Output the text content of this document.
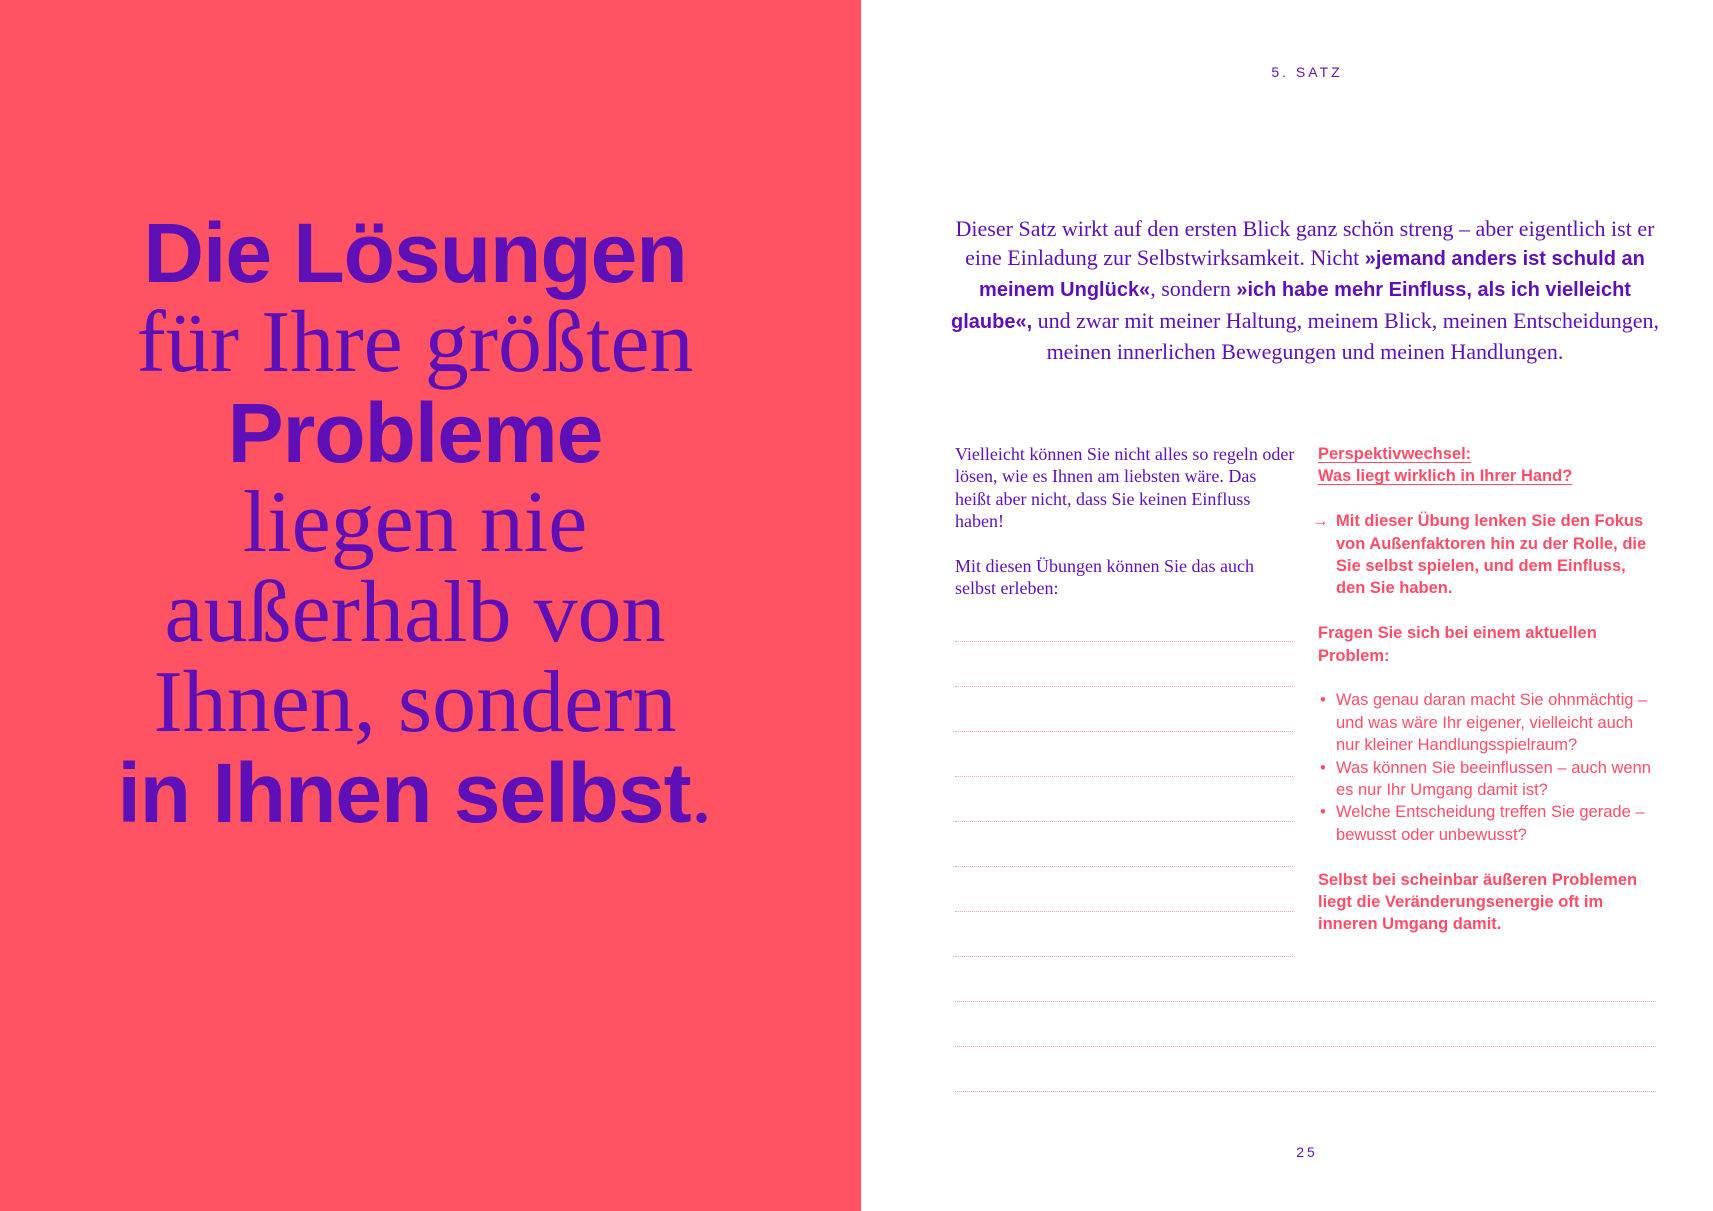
Die Lösungen
für Ihre größten
Probleme
liegen nie
außerhalb von
Ihnen, sondern
in Ihnen selbst.
5. SATZ
Dieser Satz wirkt auf den ersten Blick ganz schön streng – aber eigentlich ist er eine Einladung zur Selbstwirksamkeit. Nicht »jemand anders ist schuld an meinem Unglück«, sondern »ich habe mehr Einfluss, als ich vielleicht glaube«, und zwar mit meiner Haltung, meinem Blick, meinen Entscheidungen, meinen innerlichen Bewegungen und meinen Handlungen.

Vielleicht können Sie nicht alles so regeln oder lösen, wie es Ihnen am liebsten wäre. Das heißt aber nicht, dass Sie keinen Einfluss haben!

Mit diesen Übungen können Sie das auch selbst erleben:

Perspektivwechsel:
Was liegt wirklich in Ihrer Hand?
→ Mit dieser Übung lenken Sie den Fokus von Außenfaktoren hin zu der Rolle, die Sie selbst spielen, und dem Einfluss, den Sie haben.
Fragen Sie sich bei einem aktuellen Problem:
• Was genau daran macht Sie ohnmächtig – und was wäre Ihr eigener, vielleicht auch nur kleiner Handlungsspielraum?
• Was können Sie beeinflussen – auch wenn es nur Ihr Umgang damit ist?
• Welche Entscheidung treffen Sie gerade – bewusst oder unbewusst?
Selbst bei scheinbar äußeren Problemen liegt die Veränderungsenergie oft im inneren Umgang damit.
25
